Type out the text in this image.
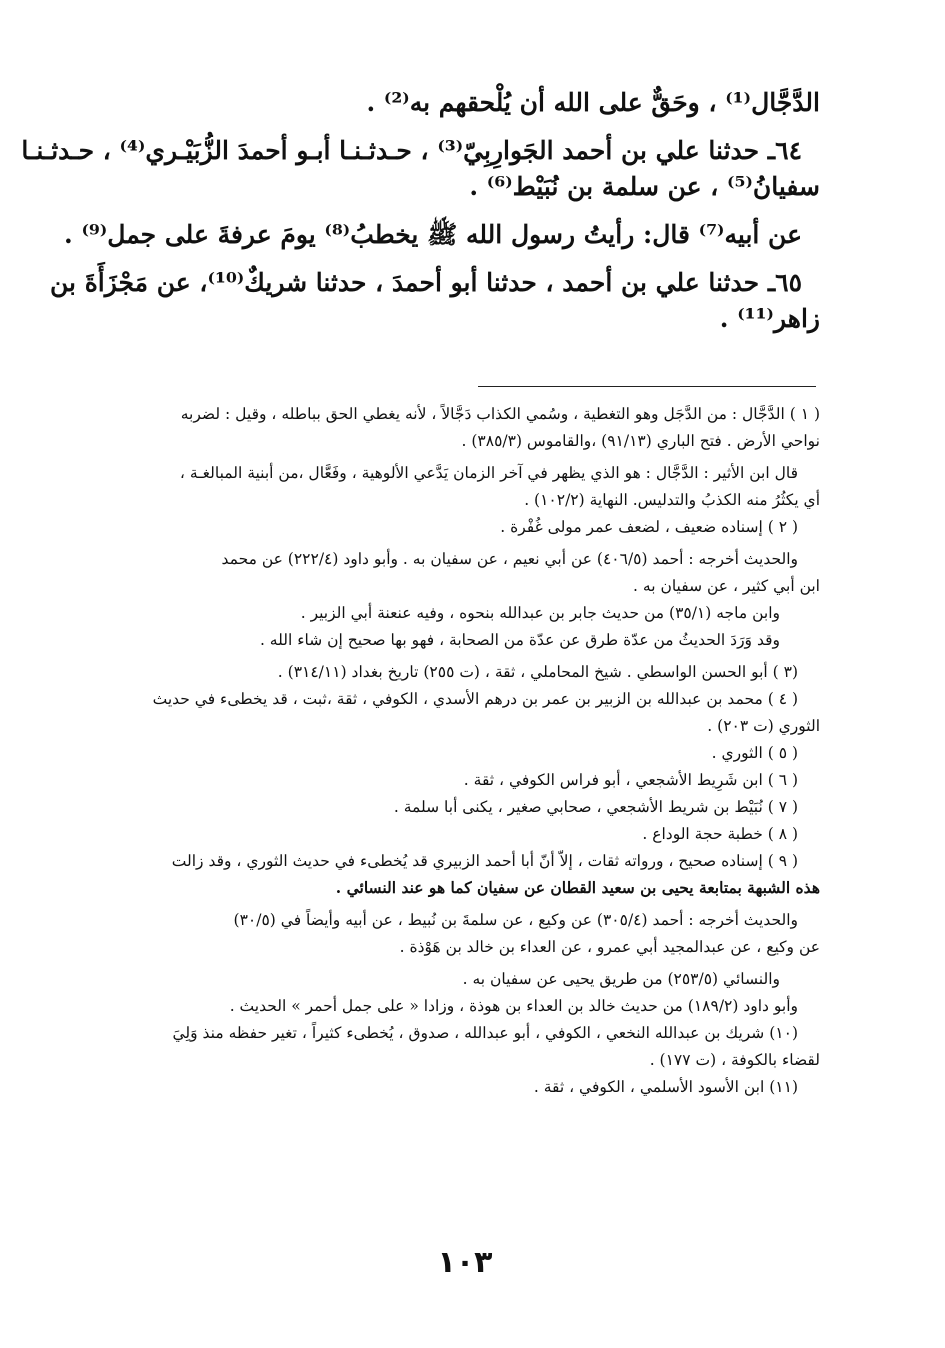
الدَّجَّال⁽¹⁾ ، وحَقٌّ على الله أن يُلْحقهم به⁽²⁾ .
٦٤ـ حدثنا علي بن أحمد الجَوارِبِيّ⁽³⁾ ، حـدثـنـا أبـو أحمدَ الزُّبَيْـري⁽⁴⁾ ، حـدثـنـا
سفيانُ⁽⁵⁾ ، عن سلمة بن نُبَيْط⁽⁶⁾ .
عن أبيه⁽⁷⁾ قال: رأيتُ رسول الله ﷺ يخطبُ⁽⁸⁾ يومَ عرفةَ على جمل⁽⁹⁾ .
٦٥ـ حدثنا علي بن أحمد ، حدثنا أبو أحمدَ ، حدثنا شريكٌ⁽¹⁰⁾، عن مَجْزَأَةَ بن
زاهر⁽¹¹⁾ .
( ١ ) الدَّجَّال : من الدَّجَل وهو التغطية ، وسُمي الكذاب دَجَّالاً ، لأنه يغطي الحق بباطله ، وقيل : لضربه
نواحي الأرض . فتح الباري (٩١/١٣) ،والقاموس (٣٨٥/٣) .
قال ابن الأثير : الدَّجَّال : هو الذي يظهر في آخر الزمان يَدَّعي الألوهية ، وفَعَّال ،من أبنية المبالغـة ،
أي يكثُرُ منه الكذبُ والتدليس. النهاية (١٠٢/٢) .
( ٢ ) إسناده ضعيف ، لضعف عمر مولى غُفْرة .
والحديث أخرجه : أحمد (٤٠٦/٥) عن أبي نعيم ، عن سفيان به . وأبو داود (٢٢٢/٤) عن محمد
ابن أبي كثير ، عن سفيان به .
وابن ماجه (٣٥/١) من حديث جابر بن عبدالله بنحوه ، وفيه عنعنة أبي الزبير .
وقد وَرَدَ الحديثُ من عدّة طرق عن عدّة من الصحابة ، فهو بها صحيح إن شاء الله .
(٣ ) أبو الحسن الواسطي . شيخ المحاملي ، ثقة ، (ت ٢٥٥) تاريخ بغداد (٣١٤/١١) .
( ٤ ) محمد بن عبدالله بن الزبير بن عمر بن درهم الأسدي ، الكوفي ، ثقة ،ثبت ، قد يخطىء في حديث
الثوري (ت ٢٠٣) .
( ٥ ) الثوري .
( ٦ ) ابن شَرِيط الأشجعي ، أبو فراس الكوفي ، ثقة .
( ٧ ) نُبَيْط بن شريط الأشجعي ، صحابي صغير ، يكنى أبا سلمة .
( ٨ ) خطبة حجة الوداع .
( ٩ ) إسناده صحيح ، ورواته ثقات ، إلاّ أنّ أبا أحمد الزبيري قد يُخطىء في حديث الثوري ، وقد زالت
هذه الشبهة بمتابعة يحيى بن سعيد القطان عن سفيان كما هو عند النسائي .
والحديث أخرجه : أحمد (٣٠٥/٤) عن وكيع ، عن سلمةَ بن نُبيط ، عن أبيه وأيضاً في (٣٠/٥)
عن وكيع ، عن عبدالمجيد أبي عمرو ، عن العداء بن خالد بن هَوْذة .
والنسائي (٢٥٣/٥) من طريق يحيى عن سفيان به .
وأبو داود (١٨٩/٢) من حديث خالد بن العداء بن هوذة ، وزادا « على جمل أحمر » الحديث .
(١٠) شريك بن عبدالله النخعي ، الكوفي ، أبو عبدالله ، صدوق ، يُخطىء كثيراً ، تغير حفظه منذ وَلِيَ
لقضاء بالكوفة ، (ت ١٧٧) .
(١١) ابن الأسود الأسلمي ، الكوفي ، ثقة .
١٠٣
